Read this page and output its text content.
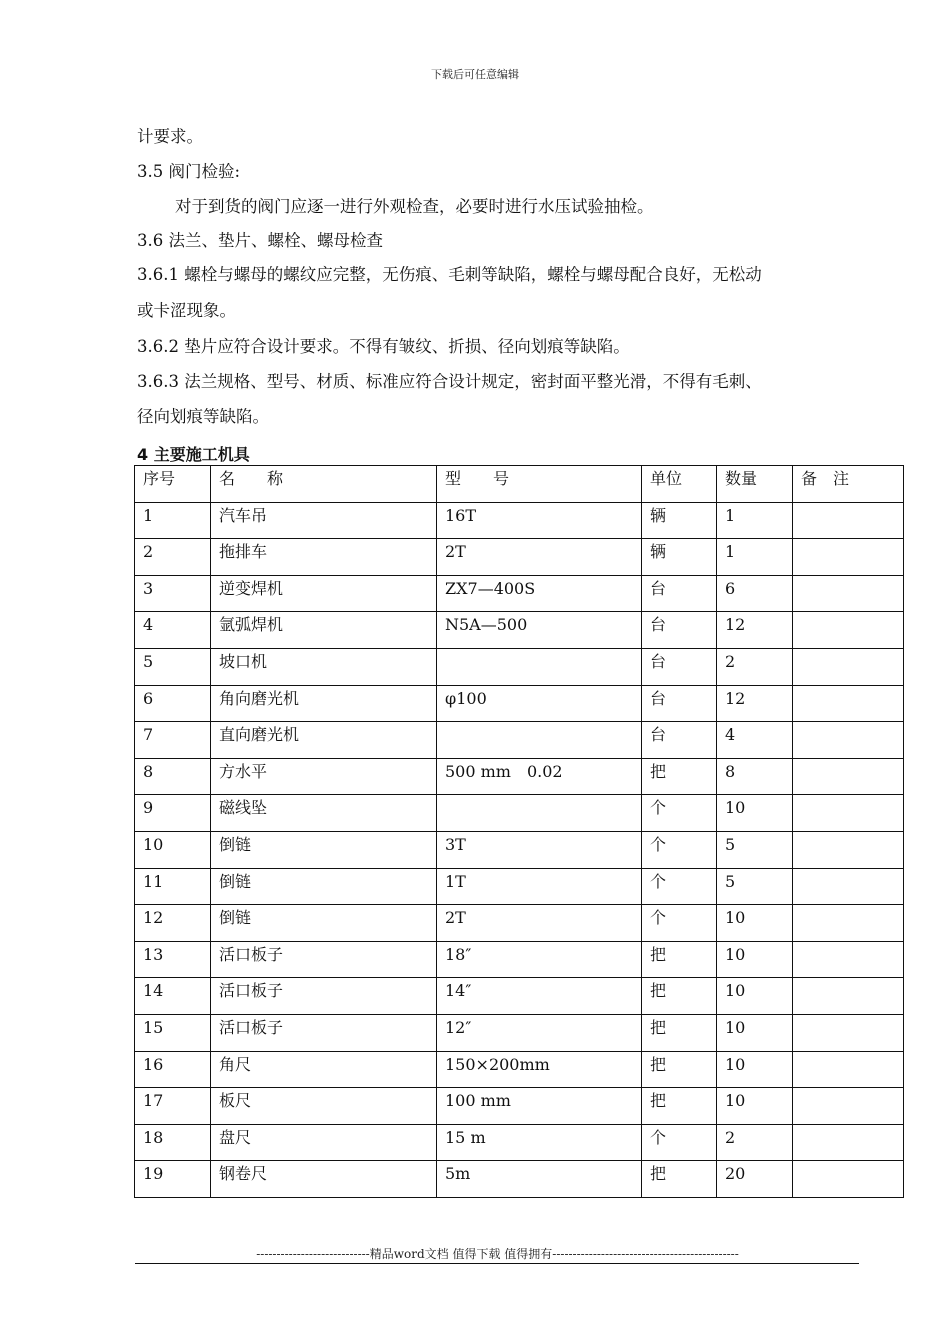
下载后可任意编辑
计要求。
3.5 阀门检验:
对于到货的阀门应逐一进行外观检查，必要时进行水压试验抽检。
3.6 法兰、垫片、螺栓、螺母检查
3.6.1 螺栓与螺母的螺纹应完整，无伤痕、毛刺等缺陷，螺栓与螺母配合良好，无松动
或卡涩现象。
3.6.2 垫片应符合设计要求。不得有皱纹、折损、径向划痕等缺陷。
3.6.3 法兰规格、型号、材质、标准应符合设计规定，密封面平整光滑，不得有毛刺、
径向划痕等缺陷。
4 主要施工机具
序号	名　　称	型　　号	单位	数量	备　注
1	汽车吊	16T	辆	1	
2	拖排车	2T	辆	1	
3	逆变焊机	ZX7—400S	台	6	
4	氩弧焊机	N5A—500	台	12	
5	坡口机		台	2	
6	角向磨光机	φ100	台	12	
7	直向磨光机		台	4	
8	方水平	500 mm　0.02	把	8	
9	磁线坠		个	10	
10	倒链	3T	个	5	
11	倒链	1T	个	5	
12	倒链	2T	个	10	
13	活口板子	18″	把	10	
14	活口板子	14″	把	10	
15	活口板子	12″	把	10	
16	角尺	150×200mm	把	10	
17	板尺	100 mm	把	10	
18	盘尺	15 m	个	2	
19	钢卷尺	5m	把	20	
----------------------------精品word文档 值得下载 值得拥有----------------------------------------------
